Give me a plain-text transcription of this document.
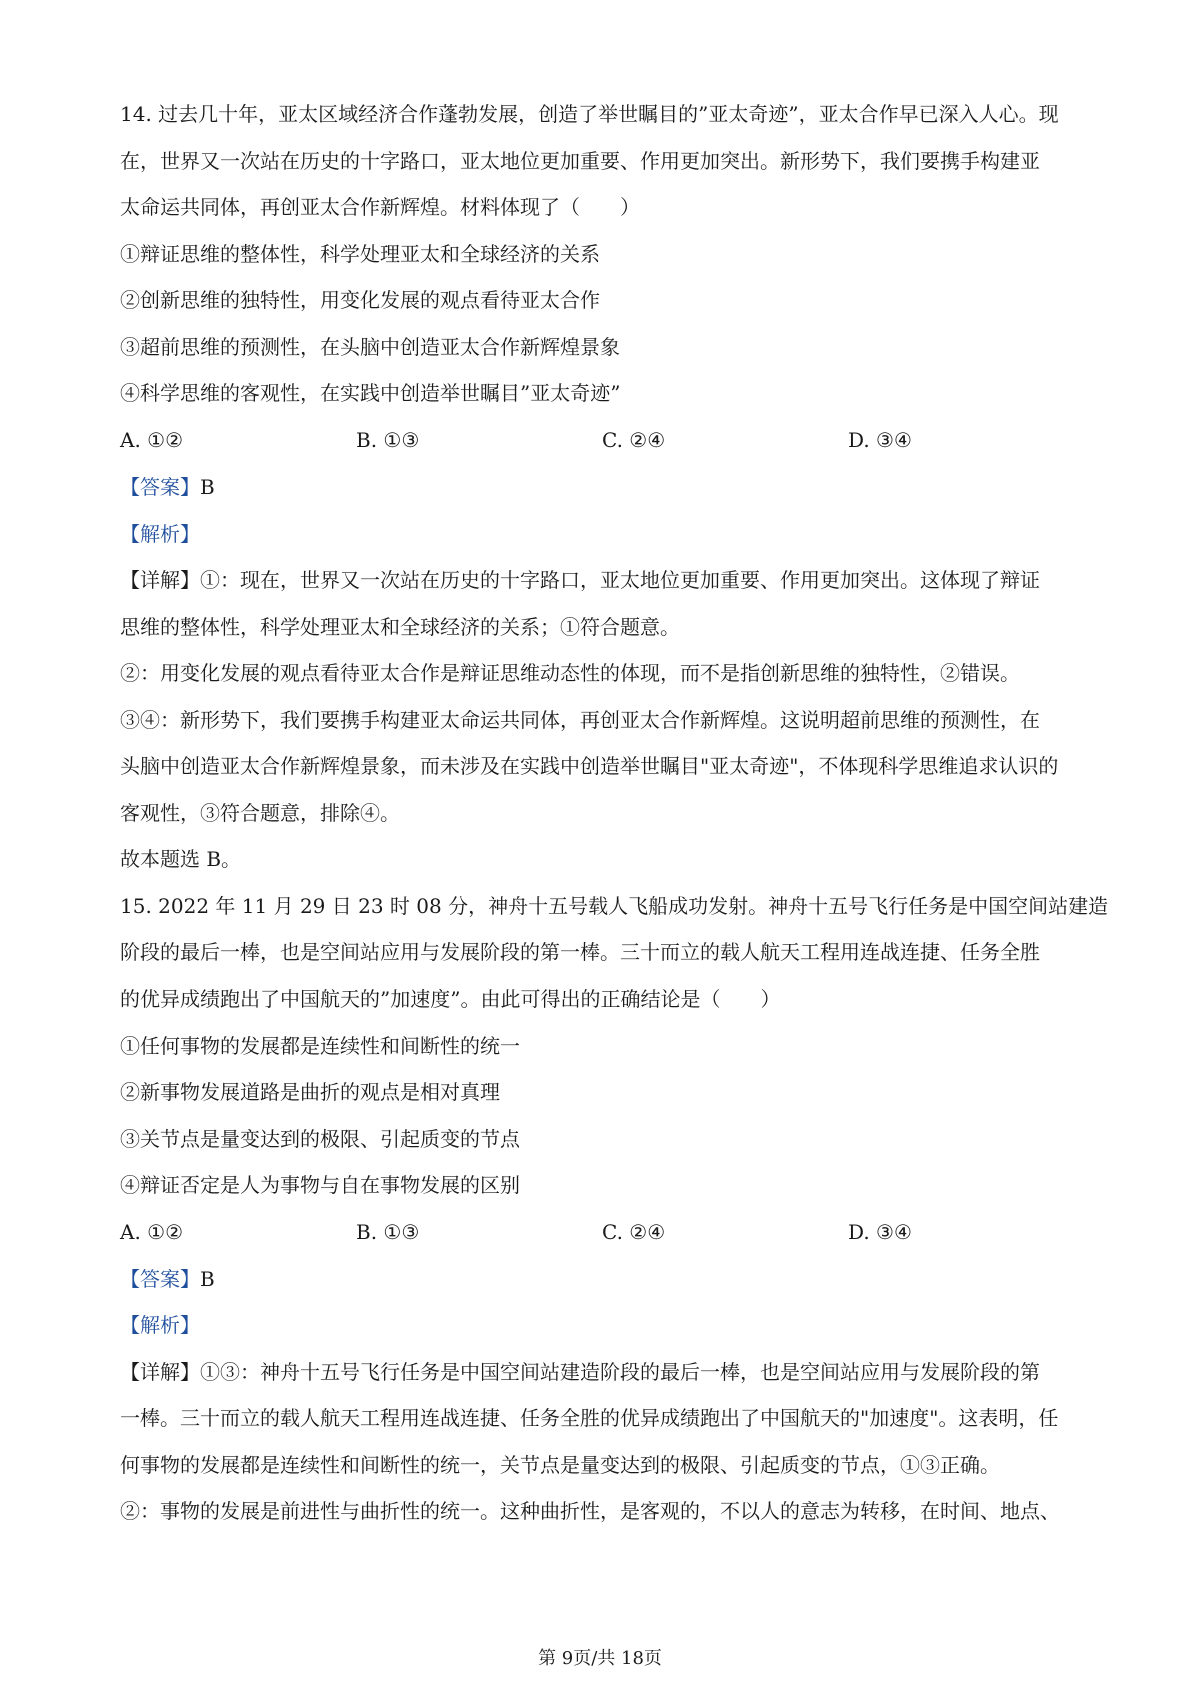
14. 过去几十年，亚太区域经济合作蓬勃发展，创造了举世瞩目的”亚太奇迹”，亚太合作早已深入人心。现
在，世界又一次站在历史的十字路口，亚太地位更加重要、作用更加突出。新形势下，我们要携手构建亚
太命运共同体，再创亚太合作新辉煌。材料体现了（　　）
①辩证思维的整体性，科学处理亚太和全球经济的关系
②创新思维的独特性，用变化发展的观点看待亚太合作
③超前思维的预测性，在头脑中创造亚太合作新辉煌景象
④科学思维的客观性，在实践中创造举世瞩目”亚太奇迹”
A. ①②	B. ①③	C. ②④	D. ③④
【答案】B
【解析】
【详解】①：现在，世界又一次站在历史的十字路口，亚太地位更加重要、作用更加突出。这体现了辩证
思维的整体性，科学处理亚太和全球经济的关系；①符合题意。
②：用变化发展的观点看待亚太合作是辩证思维动态性的体现，而不是指创新思维的独特性，②错误。
③④：新形势下，我们要携手构建亚太命运共同体，再创亚太合作新辉煌。这说明超前思维的预测性，在
头脑中创造亚太合作新辉煌景象，而未涉及在实践中创造举世瞩目"亚太奇迹"，不体现科学思维追求认识的
客观性，③符合题意，排除④。
故本题选 B。
15. 2022 年 11 月 29 日 23 时 08 分，神舟十五号载人飞船成功发射。神舟十五号飞行任务是中国空间站建造
阶段的最后一棒，也是空间站应用与发展阶段的第一棒。三十而立的载人航天工程用连战连捷、任务全胜
的优异成绩跑出了中国航天的”加速度”。由此可得出的正确结论是（　　）
①任何事物的发展都是连续性和间断性的统一
②新事物发展道路是曲折的观点是相对真理
③关节点是量变达到的极限、引起质变的节点
④辩证否定是人为事物与自在事物发展的区别
A. ①②	B. ①③	C. ②④	D. ③④
【答案】B
【解析】
【详解】①③：神舟十五号飞行任务是中国空间站建造阶段的最后一棒，也是空间站应用与发展阶段的第
一棒。三十而立的载人航天工程用连战连捷、任务全胜的优异成绩跑出了中国航天的"加速度"。这表明，任
何事物的发展都是连续性和间断性的统一，关节点是量变达到的极限、引起质变的节点，①③正确。
②：事物的发展是前进性与曲折性的统一。这种曲折性，是客观的，不以人的意志为转移，在时间、地点、
第 9页/共 18页
